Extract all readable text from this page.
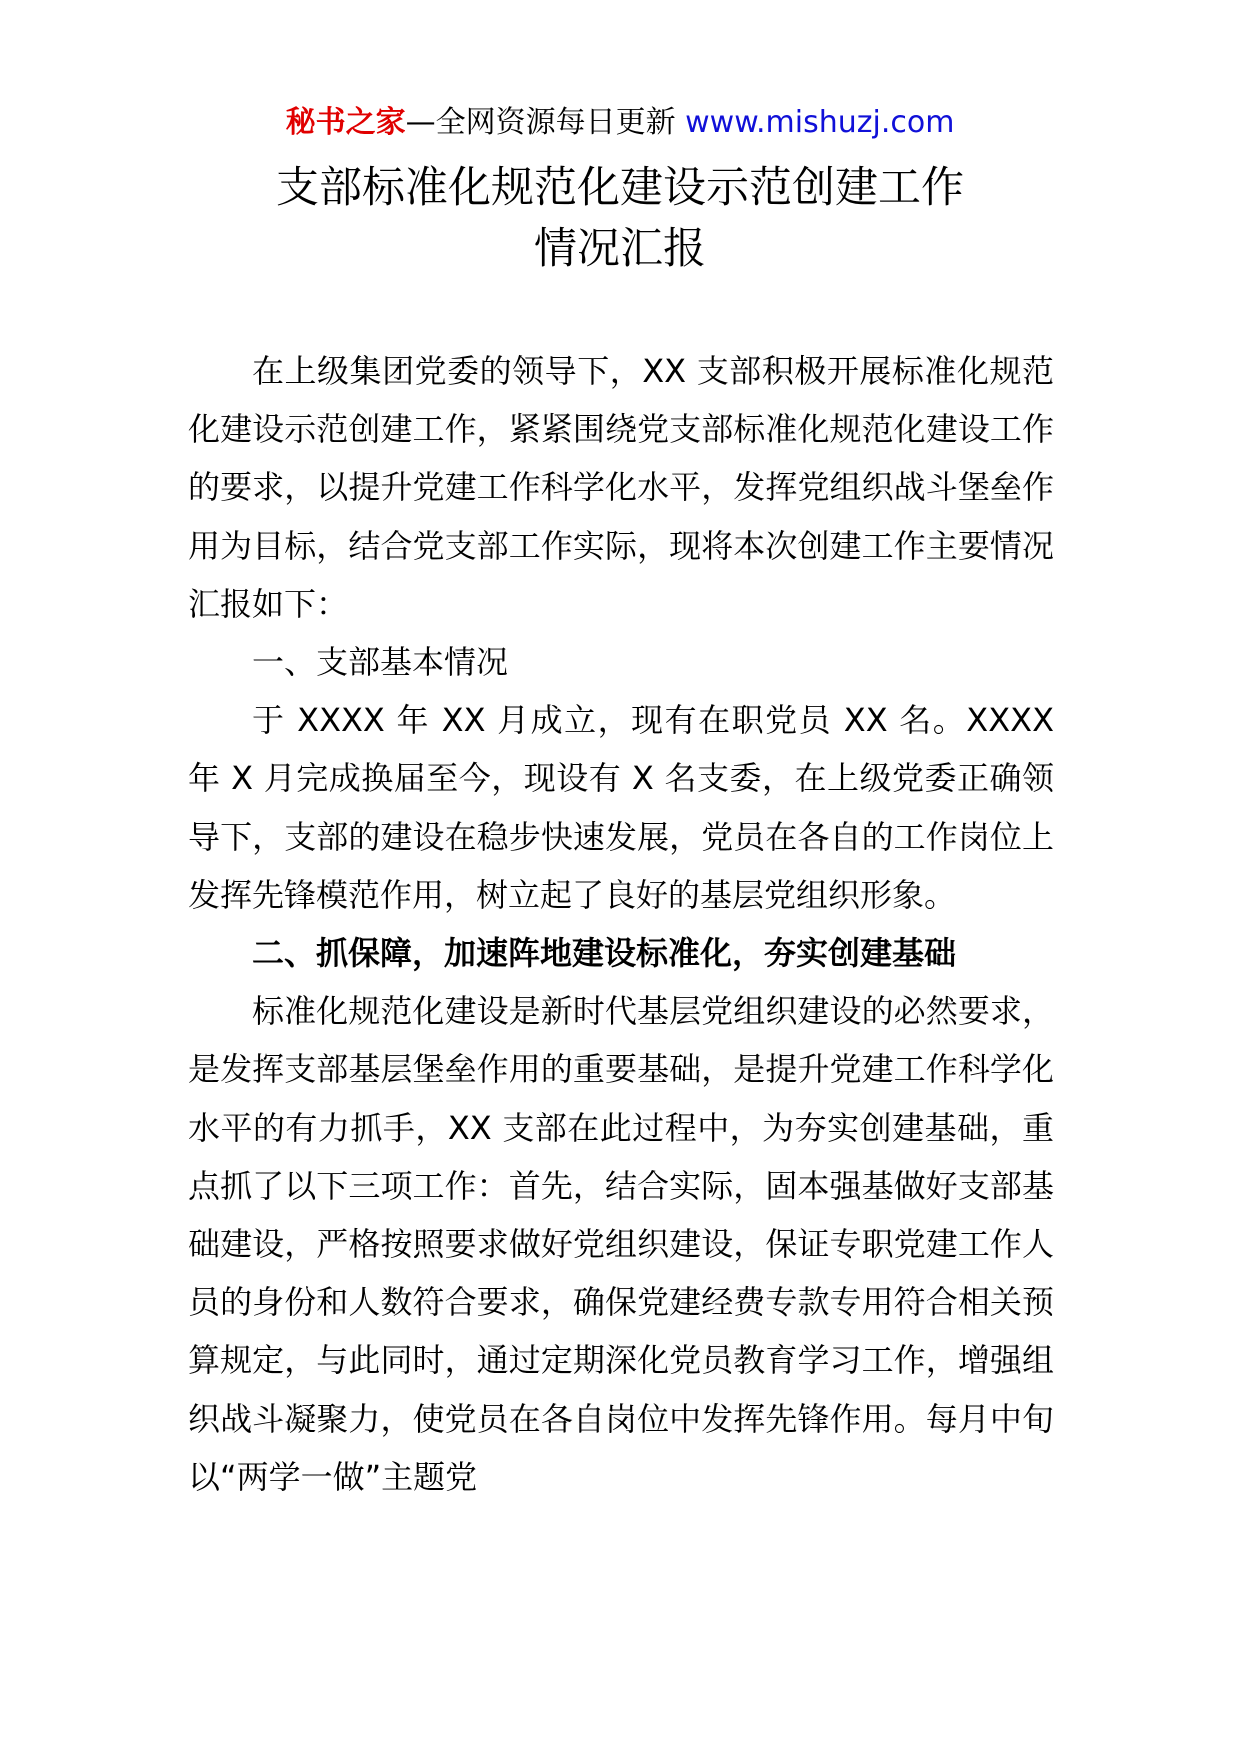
秘书之家—全网资源每日更新 www.mishuzj.com
支部标准化规范化建设示范创建工作
情况汇报

在上级集团党委的领导下，XX 支部积极开展标准化规范化建设示范创建工作，紧紧围绕党支部标准化规范化建设工作的要求，以提升党建工作科学化水平，发挥党组织战斗堡垒作用为目标，结合党支部工作实际，现将本次创建工作主要情况汇报如下：

一、支部基本情况

于 XXXX 年 XX 月成立，现有在职党员 XX 名。XXXX 年 X 月完成换届至今，现设有 X 名支委，在上级党委正确领导下，支部的建设在稳步快速发展，党员在各自的工作岗位上发挥先锋模范作用，树立起了良好的基层党组织形象。

二、抓保障，加速阵地建设标准化，夯实创建基础

标准化规范化建设是新时代基层党组织建设的必然要求，是发挥支部基层堡垒作用的重要基础，是提升党建工作科学化水平的有力抓手，XX 支部在此过程中，为夯实创建基础，重点抓了以下三项工作：首先，结合实际，固本强基做好支部基础建设，严格按照要求做好党组织建设，保证专职党建工作人员的身份和人数符合要求，确保党建经费专款专用符合相关预算规定，与此同时，通过定期深化党员教育学习工作，增强组织战斗凝聚力，使党员在各自岗位中发挥先锋作用。每月中旬以“两学一做”主题党
